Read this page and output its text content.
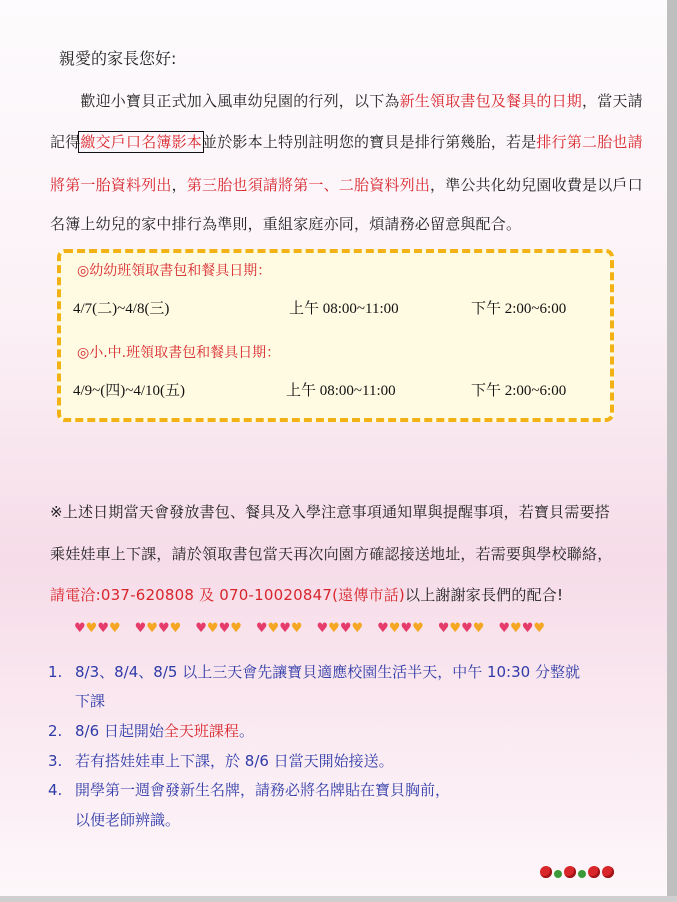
親愛的家長您好:
　　歡迎小寶貝正式加入風車幼兒園的行列，以下為新生領取書包及餐具的日期，當天請
記得繳交戶口名簿影本並於影本上特別註明您的寶貝是排行第幾胎，若是排行第二胎也請
將第一胎資料列出，第三胎也須請將第一、二胎資料列出，準公共化幼兒園收費是以戶口
名簿上幼兒的家中排行為準則，重組家庭亦同，煩請務必留意與配合。
◎幼幼班領取書包和餐具日期：
4/7(二)~4/8(三)	上午 08:00~11:00	下午 2:00~6:00
◎小.中.班領取書包和餐具日期：
4/9~(四)~4/10(五)	上午 08:00~11:00	下午 2:00~6:00
※上述日期當天會發放書包、餐具及入學注意事項通知單與提醒事項，若寶貝需要搭
乘娃娃車上下課，請於領取書包當天再次向園方確認接送地址，若需要與學校聯絡，
請電洽:037-620808 及 070-10020847(遠傳市話)以上謝謝家長們的配合!
♥ ♥ ♥ ♥ ♥ ♥ ♥ ♥ ♥ ♥ ♥ ♥ ♥ ♥ ♥ ♥ ♥ ♥ ♥ ♥ ♥ ♥ ♥ ♥ ♥ ♥ ♥ ♥ ♥ ♥ ♥ ♥
1. 8/3、8/4、8/5 以上三天會先讓寶貝適應校園生活半天，中午 10:30 分整就
下課
2. 8/6 日起開始全天班課程。
3. 若有搭娃娃車上下課，於 8/6 日當天開始接送。
4. 開學第一週會發新生名牌，請務必將名牌貼在寶貝胸前，
以便老師辨識。
